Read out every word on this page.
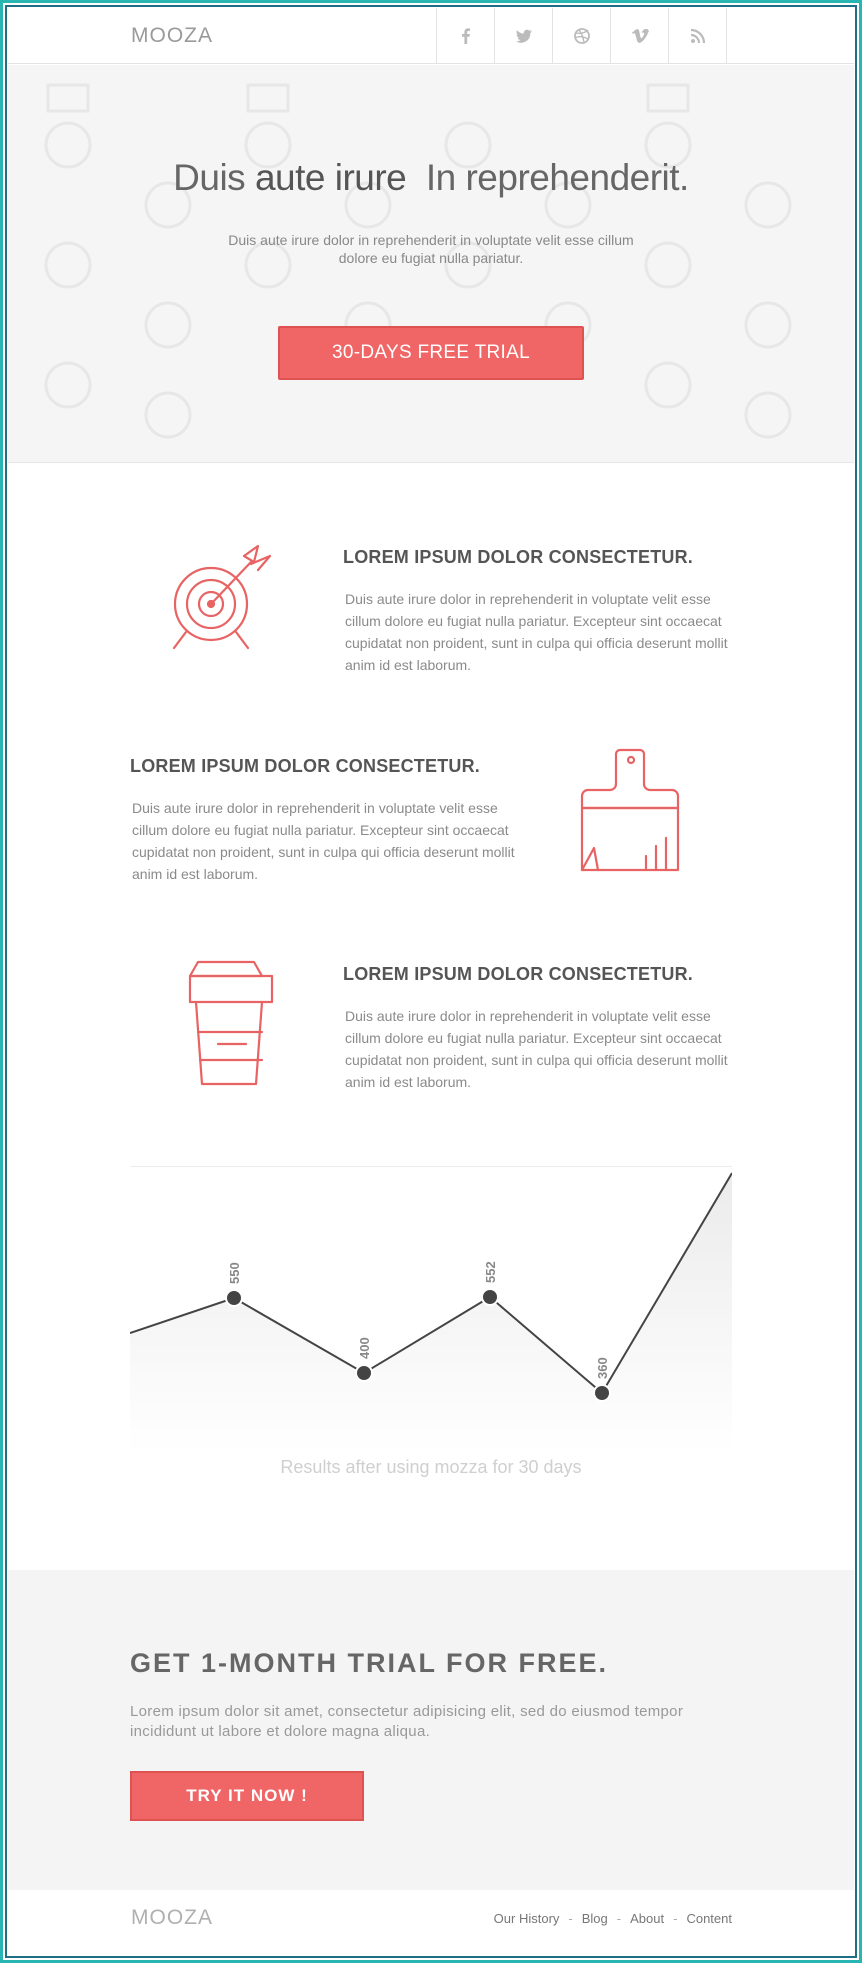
MOOZA
Duis aute irure In reprehenderit.
Duis aute irure dolor in reprehenderit in voluptate velit esse cillum dolore eu fugiat nulla pariatur.
30-DAYS FREE TRIAL
LOREM IPSUM DOLOR CONSECTETUR.
Duis aute irure dolor in reprehenderit in voluptate velit esse cillum dolore eu fugiat nulla pariatur. Excepteur sint occaecat cupidatat non proident, sunt in culpa qui officia deserunt mollit anim id est laborum.
LOREM IPSUM DOLOR CONSECTETUR.
Duis aute irure dolor in reprehenderit in voluptate velit esse cillum dolore eu fugiat nulla pariatur. Excepteur sint occaecat cupidatat non proident, sunt in culpa qui officia deserunt mollit anim id est laborum.
LOREM IPSUM DOLOR CONSECTETUR.
Duis aute irure dolor in reprehenderit in voluptate velit esse cillum dolore eu fugiat nulla pariatur. Excepteur sint occaecat cupidatat non proident, sunt in culpa qui officia deserunt mollit anim id est laborum.
550
400
552
360
Results after using mozza for 30 days
GET 1-MONTH TRIAL FOR FREE.
Lorem ipsum dolor sit amet, consectetur adipisicing elit, sed do eiusmod tempor incididunt ut labore et dolore magna aliqua.
TRY IT NOW !
MOOZA	Our History - Blog - About - Content
